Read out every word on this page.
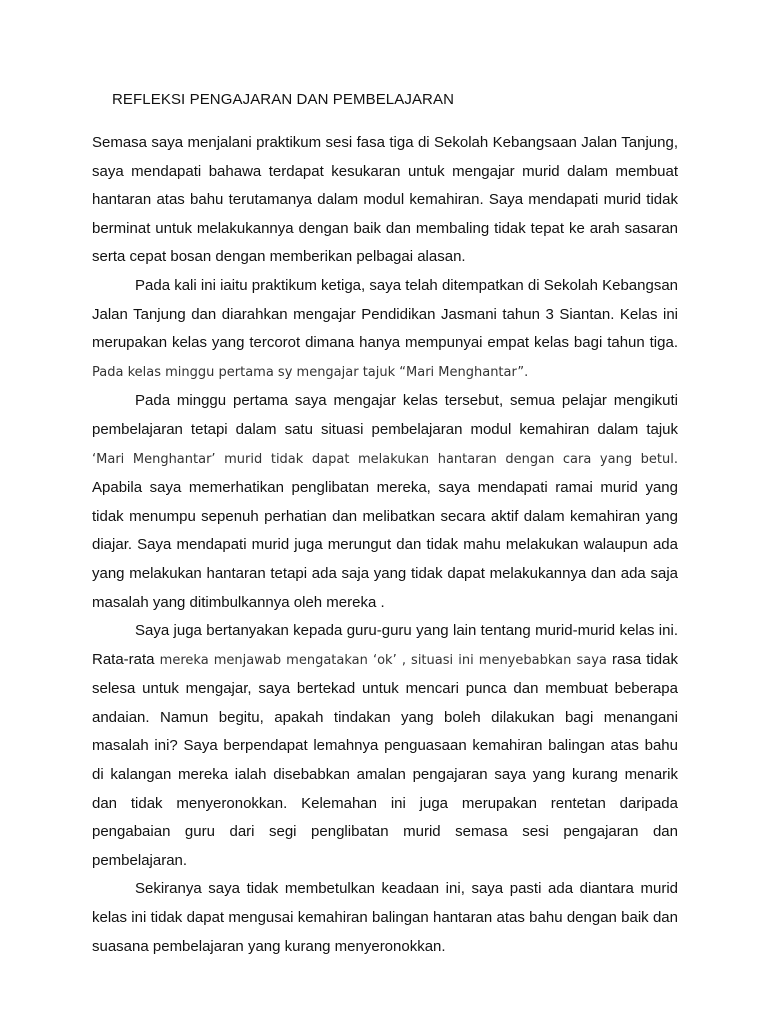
REFLEKSI PENGAJARAN DAN PEMBELAJARAN

Semasa saya menjalani praktikum sesi fasa tiga di Sekolah Kebangsaan Jalan Tanjung, saya mendapati bahawa terdapat kesukaran untuk mengajar murid dalam membuat hantaran atas bahu terutamanya dalam modul kemahiran. Saya mendapati murid tidak berminat untuk melakukannya dengan baik dan membaling tidak tepat ke arah sasaran serta cepat bosan dengan memberikan pelbagai alasan.

Pada kali ini iaitu praktikum ketiga, saya telah ditempatkan di Sekolah Kebangsan Jalan Tanjung dan diarahkan mengajar Pendidikan Jasmani tahun 3 Siantan. Kelas ini merupakan kelas yang tercorot dimana hanya mempunyai empat kelas bagi tahun tiga. Pada kelas minggu pertama sy mengajar tajuk “Mari Menghantar”.

Pada minggu pertama saya mengajar kelas tersebut, semua pelajar mengikuti pembelajaran tetapi dalam satu situasi pembelajaran modul kemahiran dalam tajuk ‘Mari Menghantar’ murid tidak dapat melakukan hantaran dengan cara yang betul. Apabila saya memerhatikan penglibatan mereka, saya mendapati ramai murid yang tidak menumpu sepenuh perhatian dan melibatkan secara aktif dalam kemahiran yang diajar. Saya mendapati murid juga merungut dan tidak mahu melakukan walaupun ada yang melakukan hantaran tetapi ada saja yang tidak dapat melakukannya dan ada saja masalah yang ditimbulkannya oleh mereka .

Saya juga bertanyakan kepada guru-guru yang lain tentang murid-murid kelas ini. Rata-rata mereka menjawab mengatakan ‘ok’ , situasi ini menyebabkan saya rasa tidak selesa untuk mengajar, saya bertekad untuk mencari punca dan membuat beberapa andaian. Namun begitu, apakah tindakan yang boleh dilakukan bagi menangani masalah ini? Saya berpendapat lemahnya penguasaan kemahiran balingan atas bahu di kalangan mereka ialah disebabkan amalan pengajaran saya yang kurang menarik dan tidak menyeronokkan. Kelemahan ini juga merupakan rentetan daripada pengabaian guru dari segi penglibatan murid semasa sesi pengajaran dan pembelajaran.

Sekiranya saya tidak membetulkan keadaan ini, saya pasti ada diantara murid kelas ini tidak dapat mengusai kemahiran balingan hantaran atas bahu dengan baik dan suasana pembelajaran yang kurang menyeronokkan.
